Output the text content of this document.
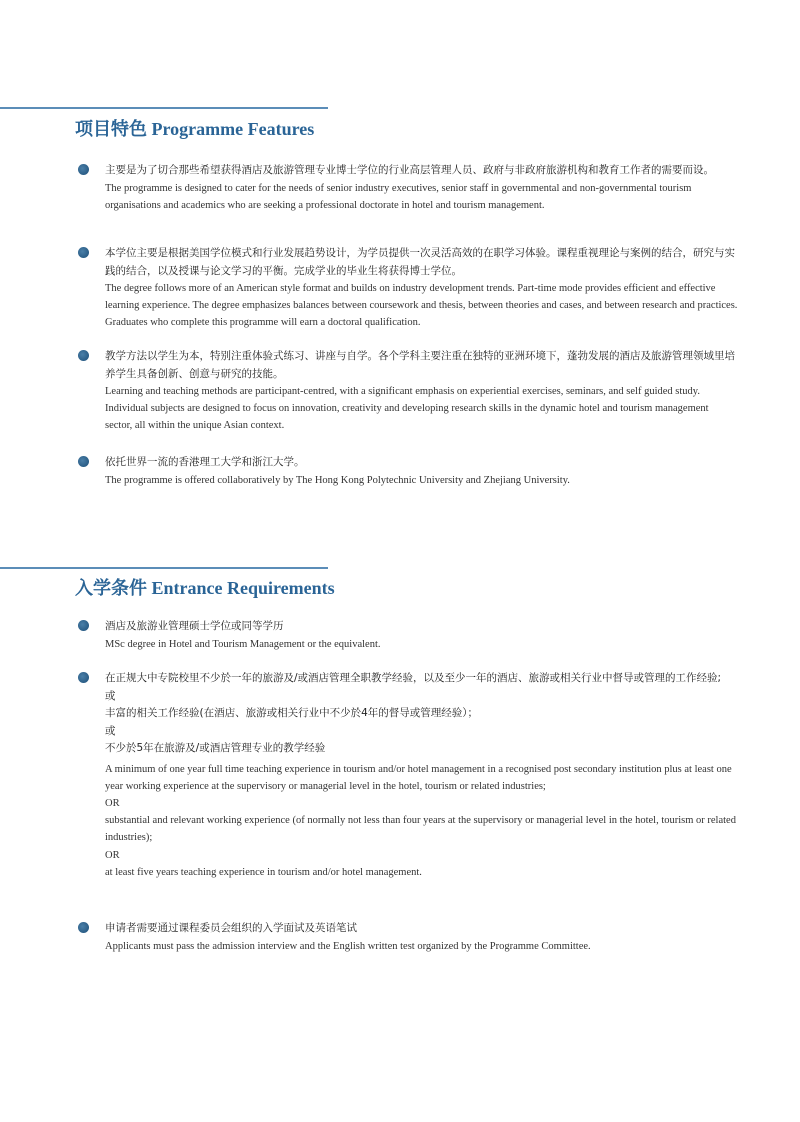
项目特色 Programme Features

主要是为了切合那些希望获得酒店及旅游管理专业博士学位的行业高层管理人员、政府与非政府旅游机构和教育工作者的需要而设。

The programme is designed to cater for the needs of senior industry executives, senior staff in governmental and non-governmental tourism organisations and academics who are seeking a professional doctorate in hotel and tourism management.

本学位主要是根据美国学位模式和行业发展趋势设计，为学员提供一次灵活高效的在职学习体验。课程重视理论与案例的结合，研究与实践的结合，以及授课与论文学习的平衡。完成学业的毕业生将获得博士学位。

The degree follows more of an American style format and builds on industry development trends. Part-time mode provides efficient and effective learning experience. The degree emphasizes balances between coursework and thesis, between theories and cases, and between research and practices. Graduates who complete this programme will earn a doctoral qualification.

教学方法以学生为本，特别注重体验式练习、讲座与自学。各个学科主要注重在独特的亚洲环境下，蓬勃发展的酒店及旅游管理领域里培养学生具备创新、创意与研究的技能。

Learning and teaching methods are participant-centred, with a significant emphasis on experiential exercises, seminars, and self guided study. Individual subjects are designed to focus on innovation, creativity and developing research skills in the dynamic hotel and tourism management sector, all within the unique Asian context.

依托世界一流的香港理工大学和浙江大学。

The programme is offered collaboratively by The Hong Kong Polytechnic University and Zhejiang University.

入学条件 Entrance Requirements

酒店及旅游业管理硕士学位或同等学历

MSc degree in Hotel and Tourism Management or the equivalent.

在正规大中专院校里不少於一年的旅游及/或酒店管理全职教学经验，以及至少一年的酒店、旅游或相关行业中督导或管理的工作经验;

或

丰富的相关工作经验(在酒店、旅游或相关行业中不少於4年的督导或管理经验）；

或

不少於5年在旅游及/或酒店管理专业的教学经验

A minimum of one year full time teaching experience in tourism and/or hotel management in a recognised post secondary institution plus at least one year working experience at the supervisory or managerial level in the hotel, tourism or related industries;

OR

substantial and relevant working experience (of normally not less than four years at the supervisory or managerial level in the hotel, tourism or related industries);

OR

at least five years teaching experience in tourism and/or hotel management.

申请者需要通过课程委员会组织的入学面试及英语笔试

Applicants must pass the admission interview and the English written test organized by the Programme Committee.
